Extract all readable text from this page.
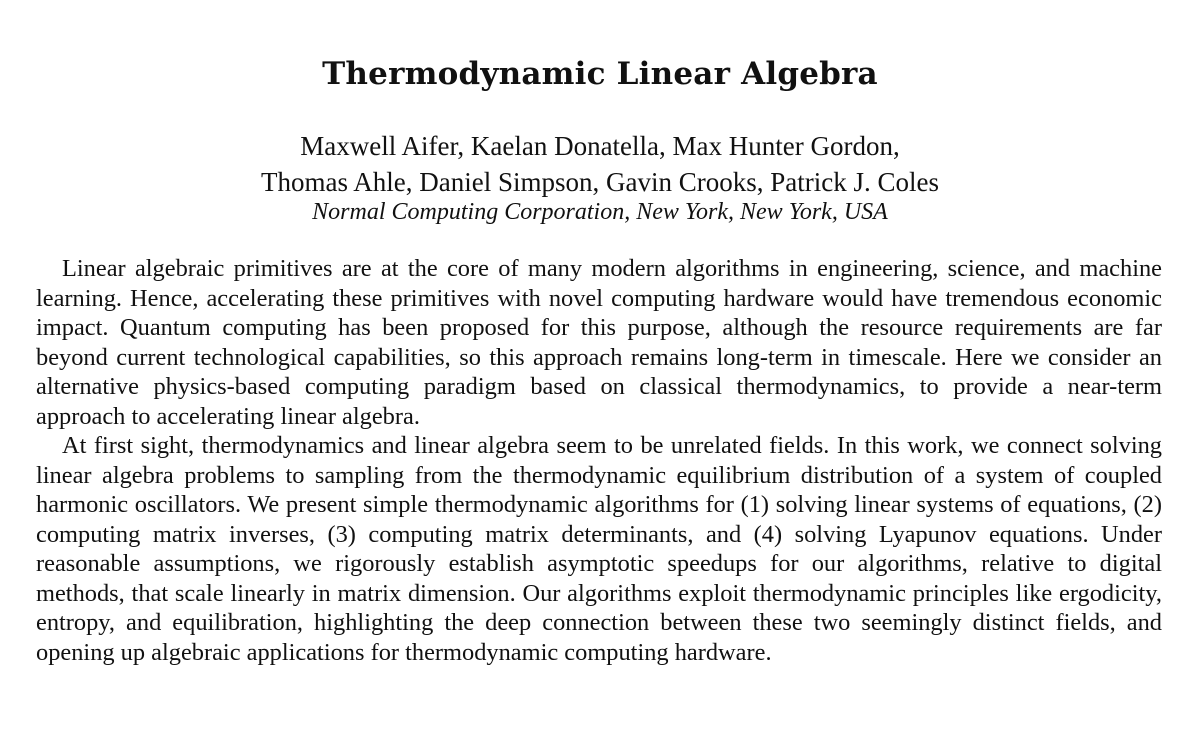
Thermodynamic Linear Algebra
Maxwell Aifer, Kaelan Donatella, Max Hunter Gordon,
Thomas Ahle, Daniel Simpson, Gavin Crooks, Patrick J. Coles
Normal Computing Corporation, New York, New York, USA

Linear algebraic primitives are at the core of many modern algorithms in engineering, science, and machine learning. Hence, accelerating these primitives with novel computing hardware would have tremendous economic impact. Quantum computing has been proposed for this purpose, although the resource requirements are far beyond current technological capabilities, so this approach remains long-term in timescale. Here we consider an alternative physics-based computing paradigm based on classical thermodynamics, to provide a near-term approach to accelerating linear algebra.

At first sight, thermodynamics and linear algebra seem to be unrelated fields. In this work, we connect solving linear algebra problems to sampling from the thermodynamic equilibrium distribution of a system of coupled harmonic oscillators. We present simple thermodynamic algorithms for (1) solving linear systems of equations, (2) computing matrix inverses, (3) computing matrix determinants, and (4) solving Lyapunov equations. Under reasonable assumptions, we rigorously establish asymptotic speedups for our algorithms, relative to digital methods, that scale linearly in matrix dimension. Our algorithms exploit thermodynamic principles like ergodicity, entropy, and equilibration, highlighting the deep connection between these two seemingly distinct fields, and opening up algebraic applications for thermodynamic computing hardware.
